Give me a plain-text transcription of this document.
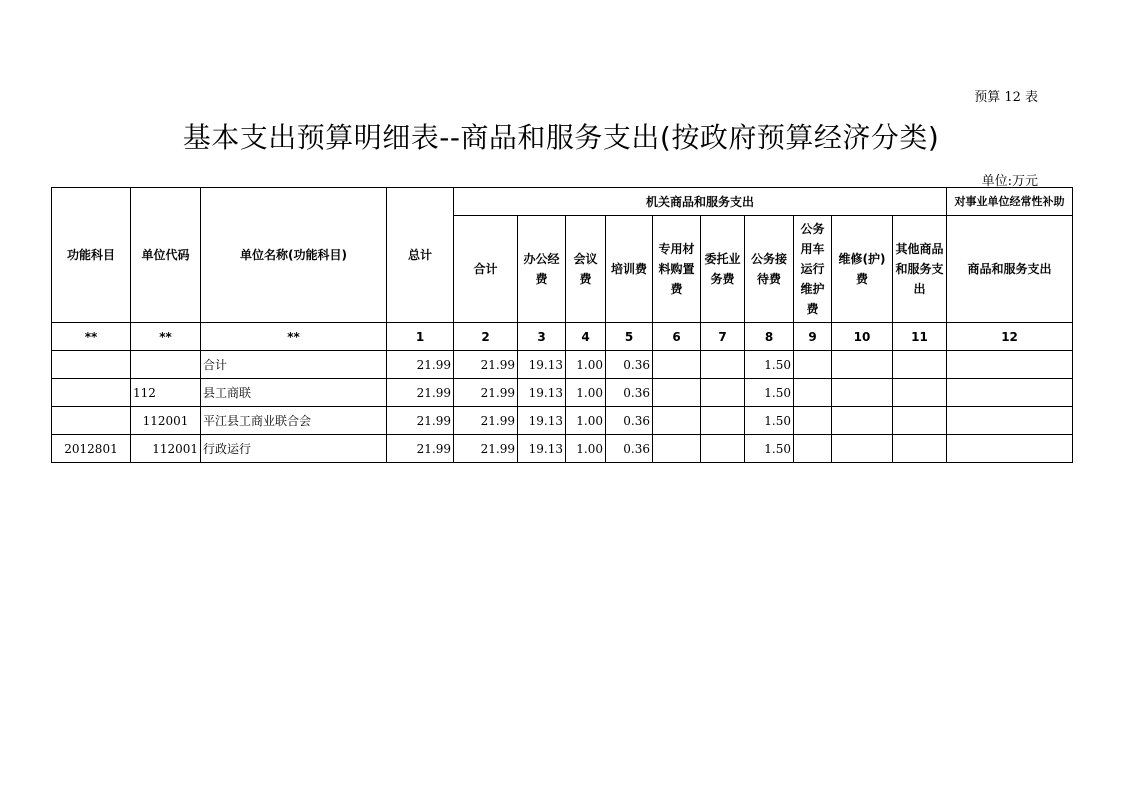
预算 12 表
基本支出预算明细表--商品和服务支出(按政府预算经济分类)
单位:万元
功能科目	单位代码	单位名称(功能科目)	总计	机关商品和服务支出										对事业单位经常性补助
				合计	办公经费	会议费	培训费	专用材料购置费	委托业务费	公务接待费	公务用车运行维护费	维修(护)费	其他商品和服务支出	商品和服务支出
**	**	**	1	2	3	4	5	6	7	8	9	10	11	12
		合计	21.99	21.99	19.13	1.00	0.36			1.50				
	112	县工商联	21.99	21.99	19.13	1.00	0.36			1.50				
	112001	平江县工商业联合会	21.99	21.99	19.13	1.00	0.36			1.50				
2012801	112001	行政运行	21.99	21.99	19.13	1.00	0.36			1.50				
